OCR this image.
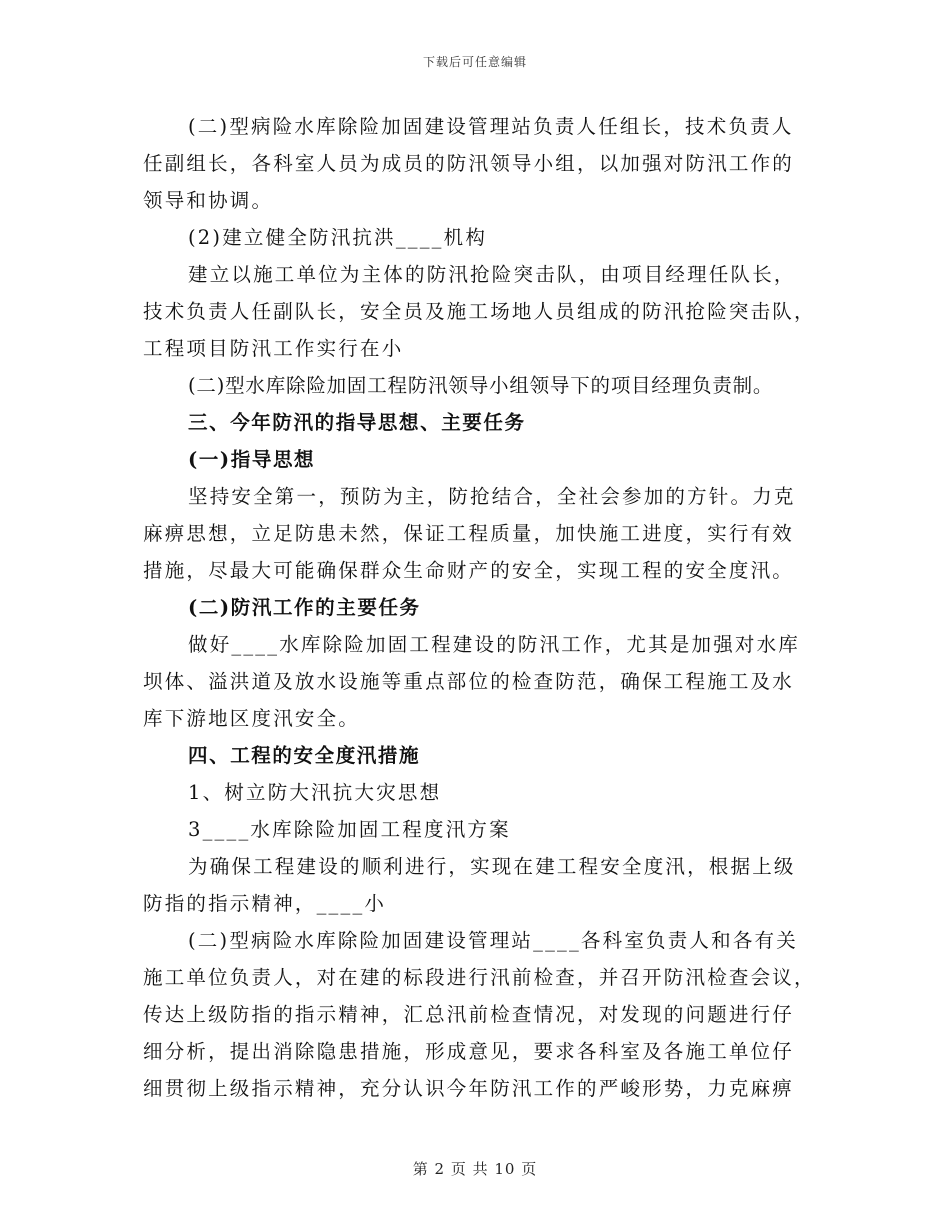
下载后可任意编辑
(二)型病险水库除险加固建设管理站负责人任组长，技术负责人
任副组长，各科室人员为成员的防汛领导小组，以加强对防汛工作的
领导和协调。
(2)建立健全防汛抗洪____机构
建立以施工单位为主体的防汛抢险突击队，由项目经理任队长，
技术负责人任副队长，安全员及施工场地人员组成的防汛抢险突击队，
工程项目防汛工作实行在小
(二)型水库除险加固工程防汛领导小组领导下的项目经理负责制。
三、今年防汛的指导思想、主要任务
(一)指导思想
坚持安全第一，预防为主，防抢结合，全社会参加的方针。力克
麻痹思想，立足防患未然，保证工程质量，加快施工进度，实行有效
措施，尽最大可能确保群众生命财产的安全，实现工程的安全度汛。
(二)防汛工作的主要任务
做好____水库除险加固工程建设的防汛工作，尤其是加强对水库
坝体、溢洪道及放水设施等重点部位的检查防范，确保工程施工及水
库下游地区度汛安全。
四、工程的安全度汛措施
1、树立防大汛抗大灾思想
3____水库除险加固工程度汛方案
为确保工程建设的顺利进行，实现在建工程安全度汛，根据上级
防指的指示精神，____小
(二)型病险水库除险加固建设管理站____各科室负责人和各有关
施工单位负责人，对在建的标段进行汛前检查，并召开防汛检查会议，
传达上级防指的指示精神，汇总汛前检查情况，对发现的问题进行仔
细分析，提出消除隐患措施，形成意见，要求各科室及各施工单位仔
细贯彻上级指示精神，充分认识今年防汛工作的严峻形势，力克麻痹
第 2 页 共 10 页
